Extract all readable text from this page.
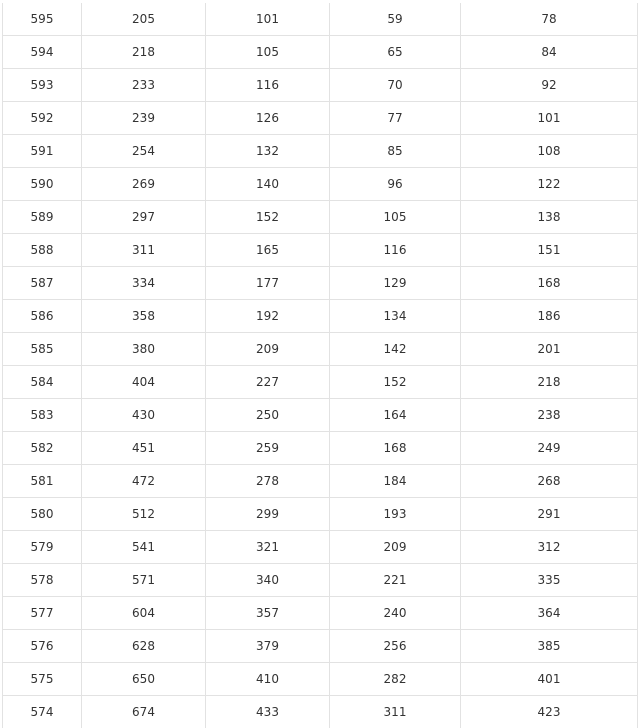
595	205	101	59	78
594	218	105	65	84
593	233	116	70	92
592	239	126	77	101
591	254	132	85	108
590	269	140	96	122
589	297	152	105	138
588	311	165	116	151
587	334	177	129	168
586	358	192	134	186
585	380	209	142	201
584	404	227	152	218
583	430	250	164	238
582	451	259	168	249
581	472	278	184	268
580	512	299	193	291
579	541	321	209	312
578	571	340	221	335
577	604	357	240	364
576	628	379	256	385
575	650	410	282	401
574	674	433	311	423
